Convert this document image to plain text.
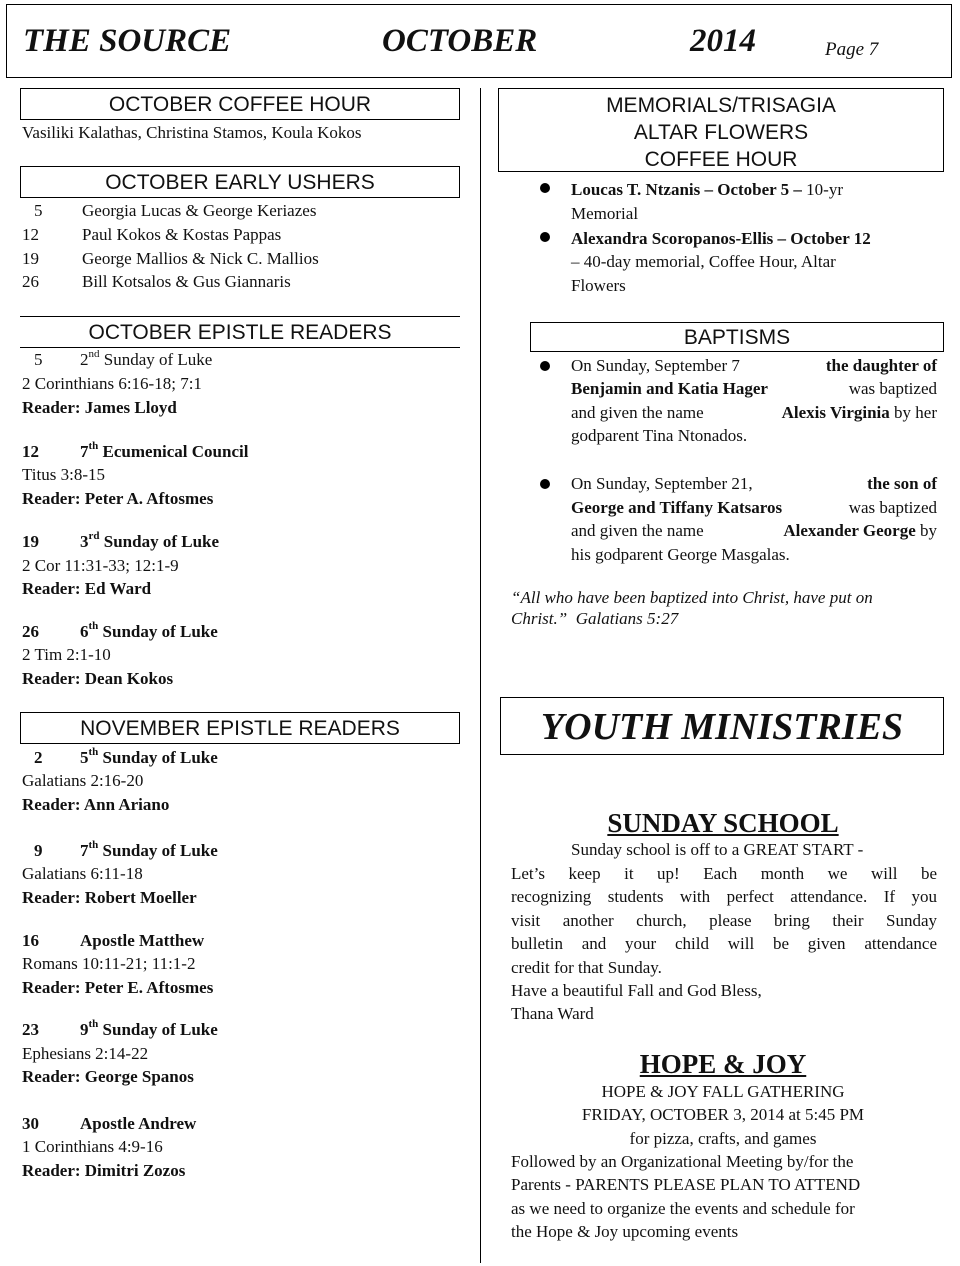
THE SOURCE	OCTOBER	2014	Page 7
OCTOBER COFFEE HOUR
Vasiliki Kalathas, Christina Stamos, Koula Kokos
OCTOBER EARLY USHERS
5 Georgia Lucas & George Keriazes
12	Paul Kokos & Kostas Pappas
19	George Mallios & Nick C. Mallios
26	Bill Kotsalos & Gus Giannaris
OCTOBER EPISTLE READERS
5 2nd Sunday of Luke
2 Corinthians 6:16-18; 7:1
Reader: James Lloyd
12 7th Ecumenical Council
Titus 3:8-15
Reader: Peter A. Aftosmes
19 3rd Sunday of Luke
2 Cor 11:31-33; 12:1-9
Reader: Ed Ward
26 6th Sunday of Luke
2 Tim 2:1-10
Reader: Dean Kokos
NOVEMBER EPISTLE READERS
2 5th Sunday of Luke
Galatians 2:16-20
Reader: Ann Ariano
9 7th Sunday of Luke
Galatians 6:11-18
Reader: Robert Moeller
16 Apostle Matthew
Romans 10:11-21; 11:1-2
Reader: Peter E. Aftosmes
23 9th Sunday of Luke
Ephesians 2:14-22
Reader: George Spanos
30 Apostle Andrew
1 Corinthians 4:9-16
Reader: Dimitri Zozos
MEMORIALS/TRISAGIA
ALTAR FLOWERS
COFFEE HOUR
Loucas T. Ntzanis – October 5 – 10-yr
Memorial
Alexandra Scoropanos-Ellis – October 12
– 40-day memorial, Coffee Hour, Altar
Flowers
BAPTISMS
On Sunday, September 7	the daughter of
Benjamin and Katia Hager	was baptized
and given the name	Alexis Virginia by her
godparent Tina Ntonados.
On Sunday, September 21,	the son of
George and Tiffany Katsaros	was baptized
and given the name	Alexander George by
his godparent George Masgalas.
“All who have been baptized into Christ, have put on
Christ.” Galatians 5:27
YOUTH MINISTRIES
SUNDAY SCHOOL
Sunday school is off to a GREAT START -
Let’s keep it up! Each month we will be
recognizing students with perfect attendance. If you
visit another church, please bring their Sunday
bulletin and your child will be given attendance
credit for that Sunday.
Have a beautiful Fall and God Bless,
Thana Ward
HOPE & JOY
HOPE & JOY FALL GATHERING
FRIDAY, OCTOBER 3, 2014 at 5:45 PM
for pizza, crafts, and games
Followed by an Organizational Meeting by/for the
Parents - PARENTS PLEASE PLAN TO ATTEND
as we need to organize the events and schedule for
the Hope & Joy upcoming events
